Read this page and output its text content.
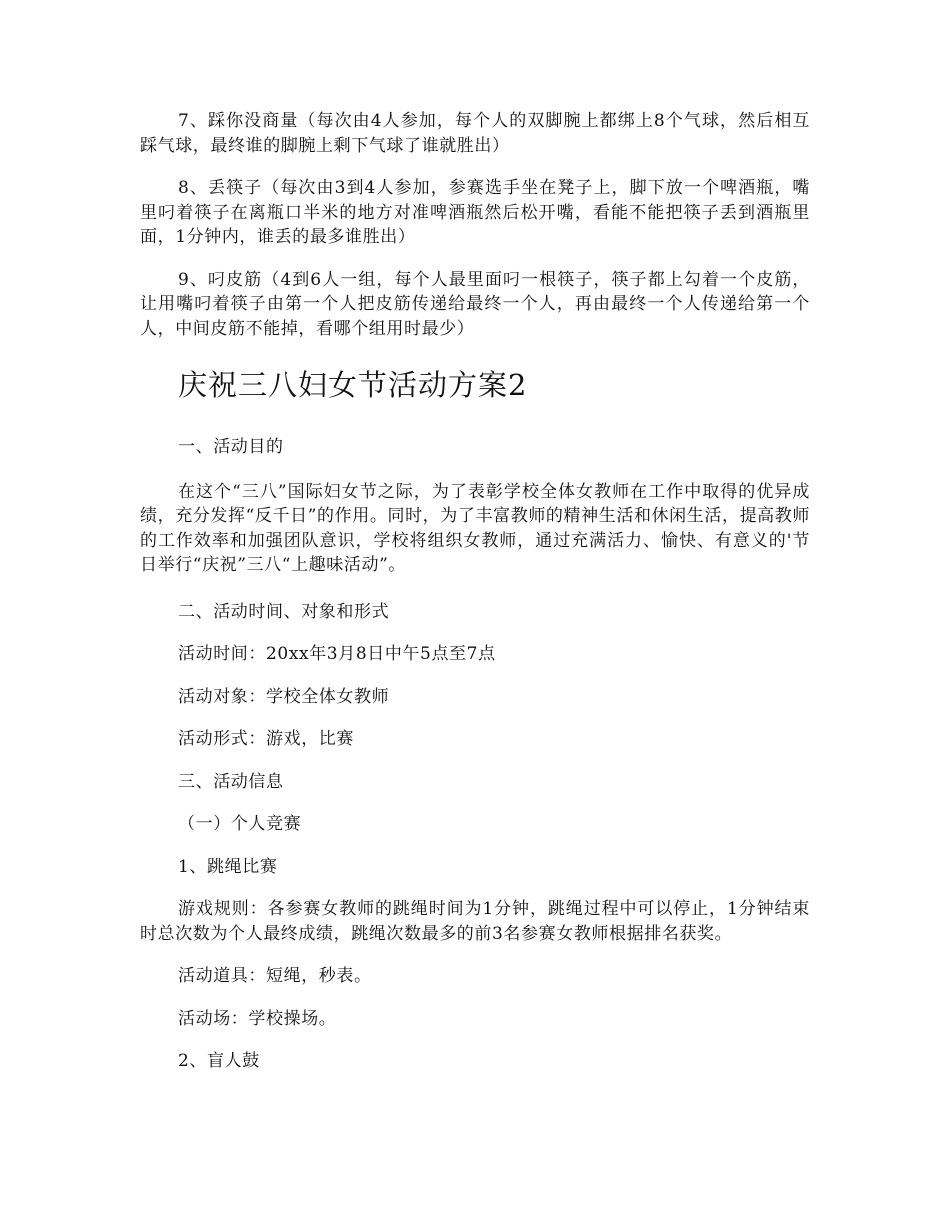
7、踩你没商量（每次由4人参加，每个人的双脚腕上都绑上8个气球，然后相互踩气球，最终谁的脚腕上剩下气球了谁就胜出）

8、丢筷子（每次由3到4人参加，参赛选手坐在凳子上，脚下放一个啤酒瓶，嘴里叼着筷子在离瓶口半米的地方对准啤酒瓶然后松开嘴，看能不能把筷子丢到酒瓶里面，1分钟内，谁丢的最多谁胜出）

9、叼皮筋（4到6人一组，每个人最里面叼一根筷子，筷子都上勾着一个皮筋，让用嘴叼着筷子由第一个人把皮筋传递给最终一个人，再由最终一个人传递给第一个人，中间皮筋不能掉，看哪个组用时最少）

庆祝三八妇女节活动方案2

一、活动目的

在这个“三八”国际妇女节之际，为了表彰学校全体女教师在工作中取得的优异成绩，充分发挥“反千日”的作用。同时，为了丰富教师的精神生活和休闲生活，提高教师的工作效率和加强团队意识，学校将组织女教师，通过充满活力、愉快、有意义的'节日举行“庆祝”三八“上趣味活动”。

二、活动时间、对象和形式

活动时间：20xx年3月8日中午5点至7点

活动对象：学校全体女教师

活动形式：游戏，比赛

三、活动信息

（一）个人竞赛

1、跳绳比赛

游戏规则：各参赛女教师的跳绳时间为1分钟，跳绳过程中可以停止，1分钟结束时总次数为个人最终成绩，跳绳次数最多的前3名参赛女教师根据排名获奖。

活动道具：短绳，秒表。

活动场：学校操场。

2、盲人鼓
